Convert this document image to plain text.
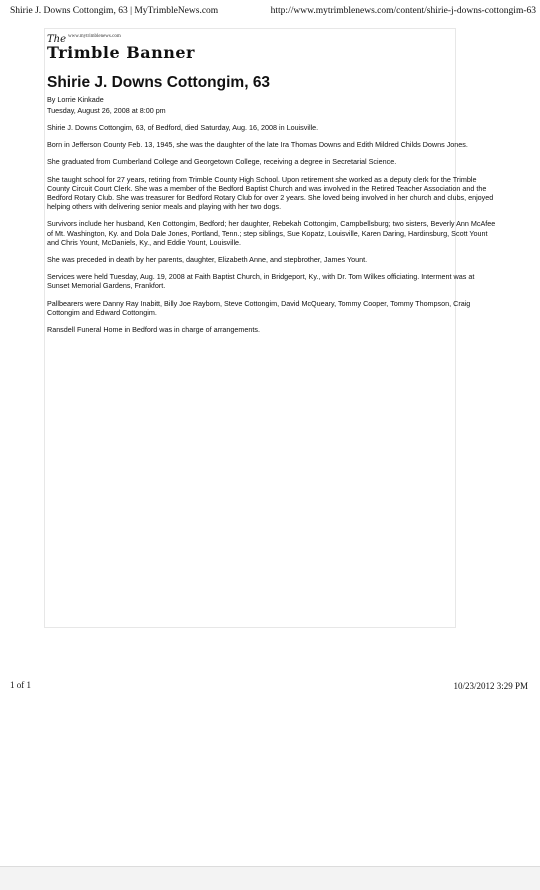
Shirie J. Downs Cottongim, 63 | MyTrimbleNews.com	http://www.mytrimblenews.com/content/shirie-j-downs-cottongim-63
The www.mytrimblenews.com
Trimble Banner
Shirie J. Downs Cottongim, 63
By Lorrie Kinkade
Tuesday, August 26, 2008 at 8:00 pm

Shirie J. Downs Cottongim, 63, of Bedford, died Saturday, Aug. 16, 2008 in Louisville.

Born in Jefferson County Feb. 13, 1945, she was the daughter of the late Ira Thomas Downs and Edith Mildred Childs Downs Jones.

She graduated from Cumberland College and Georgetown College, receiving a degree in Secretarial Science.

She taught school for 27 years, retiring from Trimble County High School. Upon retirement she worked as a deputy clerk for the Trimble County Circuit Court Clerk. She was a member of the Bedford Baptist Church and was involved in the Retired Teacher Association and the Bedford Rotary Club. She was treasurer for Bedford Rotary Club for over 2 years. She loved being involved in her church and clubs, enjoyed helping others with delivering senior meals and playing with her two dogs.

Survivors include her husband, Ken Cottongim, Bedford; her daughter, Rebekah Cottongim, Campbellsburg; two sisters, Beverly Ann McAfee of Mt. Washington, Ky. and Dola Dale Jones, Portland, Tenn.; step siblings, Sue Kopatz, Louisville, Karen Daring, Hardinsburg, Scott Yount and Chris Yount, McDaniels, Ky., and Eddie Yount, Louisville.

She was preceded in death by her parents, daughter, Elizabeth Anne, and stepbrother, James Yount.

Services were held Tuesday, Aug. 19, 2008 at Faith Baptist Church, in Bridgeport, Ky., with Dr. Tom Wilkes officiating. Interment was at Sunset Memorial Gardens, Frankfort.

Pallbearers were Danny Ray Inabitt, Billy Joe Rayborn, Steve Cottongim, David McQueary, Tommy Cooper, Tommy Thompson, Craig Cottongim and Edward Cottongim.

Ransdell Funeral Home in Bedford was in charge of arrangements.

1 of 1	10/23/2012 3:29 PM
